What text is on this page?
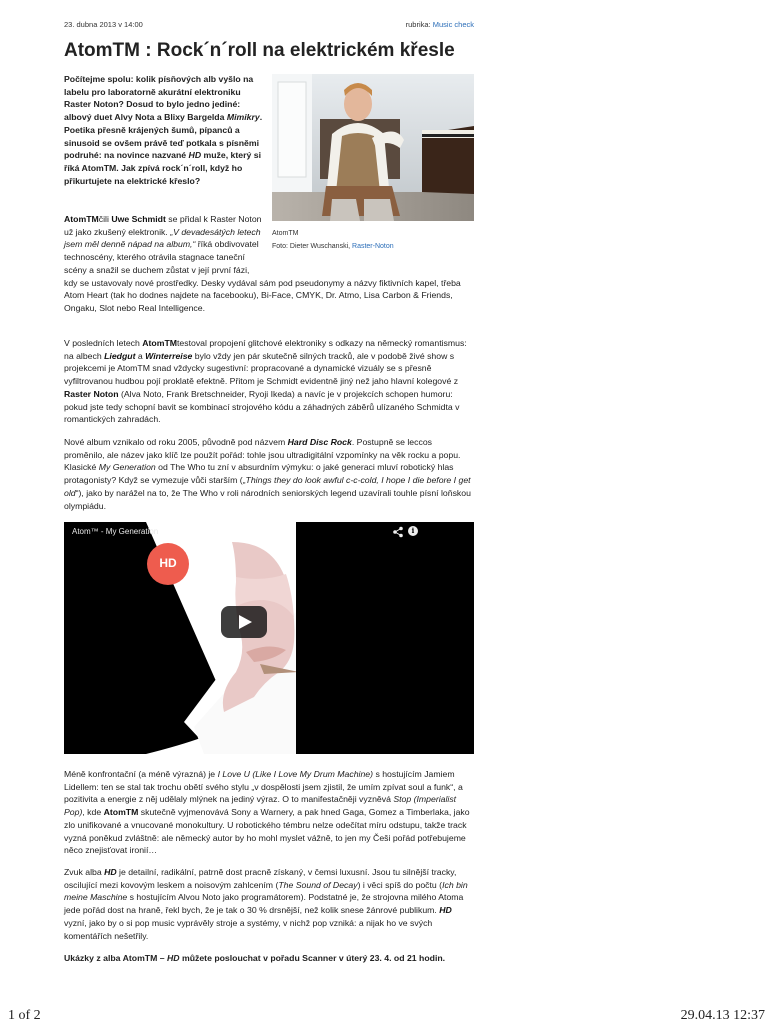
23. dubna 2013 v 14:00	rubrika: Music check
AtomTM : Rock´n´roll na elektrickém křesle
Počítejme spolu: kolik písňových alb vyšlo na labelu pro laboratorně akurátní elektroniku Raster Noton? Dosud to bylo jedno jediné: albový duet Alvy Nota a Blixy Bargelda Mimikry. Poetika přesně krájených šumů, pípanců a sinusoid se ovšem právě teď potkala s písněmi podruhé: na novince nazvané HD muže, který si říká AtomTM. Jak zpívá rock´n´roll, když ho přikurtujete na elektrické křeslo?
AtomTM
Foto: Dieter Wuschanski, Raster-Noton
AtomTMčili Uwe Schmidt se přidal k Raster Noton už jako zkušený elektronik. „V devadesátých letech jsem měl denně nápad na album,“ říká obdivovatel technoscény, kterého otrávila stagnace taneční scény a snažil se duchem zůstat v její první fázi, kdy se ustavovaly nové prostředky. Desky vydával sám pod pseudonymy a názvy fiktivních kapel, třeba Atom Heart (tak ho dodnes najdete na facebooku), Bi-Face, CMYK, Dr. Atmo, Lisa Carbon & Friends, Ongaku, Slot nebo Real Intelligence.

V posledních letech AtomTMtestoval propojení glitchové elektroniky s odkazy na německý romantismus: na albech Liedgut a Winterreise bylo vždy jen pár skutečně silných tracků, ale v podobě živé show s projekcemi je AtomTM snad vždycky sugestivní: propracované a dynamické vizuály se s přesně vyfiltrovanou hudbou pojí proklatě efektně. Přitom je Schmidt evidentně jiný než jaho hlavní kolegové z Raster Noton (Alva Noto, Frank Bretschneider, Ryoji Ikeda) a navíc je v projekcích schopen humoru: pokud jste tedy schopní bavit se kombinací strojového kódu a záhadných záběrů ulízaného Schmidta v romantických zahradách.

Nové album vznikalo od roku 2005, původně pod názvem Hard Disc Rock. Postupně se leccos proměnilo, ale název jako klíč lze použít pořád: tohle jsou ultradigitální vzpomínky na věk rocku a popu. Klasické My Generation od The Who tu zní v absurdním výmyku: o jaké generaci mluví robotický hlas protagonisty? Když se vymezuje vůči starším („Things they do look awful c-c-cold, I hope I die before I get old“), jako by narážel na to, že The Who v roli národních seniorských legend uzavírali touhle písní loňskou olympiádu.

HD
Atom™ - My Generation	i

Méně konfrontační (a méně výrazná) je I Love U (Like I Love My Drum Machine) s hostujícím Jamiem Lidellem: ten se stal tak trochu obětí svého stylu „v dospělosti jsem zjistil, že umím zpívat soul a funk“, a pozitivita a energie z něj udělaly mlýnek na jediný výraz. O to manifestačněji vyzněvá Stop (Imperialist Pop), kde AtomTM skutečně vyjmenovává Sony a Warnery, a pak hned Gaga, Gomez a Timberlaka, jako zlo unifikované a vnucované monokultury. U robotického témbru nelze odečítat míru odstupu, takže track vyzná poněkud zvláštně: ale německý autor by ho mohl myslet vážně, to jen my Češi pořád potřebujeme něco znejisťovat ironií…

Zvuk alba HD je detailní, radikální, patrně dost pracně získaný, v čemsi luxusní. Jsou tu silnější tracky, oscilující mezi kovovým leskem a noisovým zahlcením (The Sound of Decay) i věci spíš do počtu (Ich bin meine Maschine s hostujícím Alvou Noto jako programátorem). Podstatné je, že strojovna milého Atoma jede pořád dost na hraně, řekl bych, že je tak o 30 % drsnější, než kolik snese žánrové publikum. HD vyzní, jako by o si pop music vyprávěly stroje a systémy, v nichž pop vzniká: a nijak ho ve svých komentářích nešetřily.

Ukázky z alba AtomTM – HD můžete poslouchat v pořadu Scanner v úterý 23. 4. od 21 hodin.

1 of 2	29.04.13 12:37
